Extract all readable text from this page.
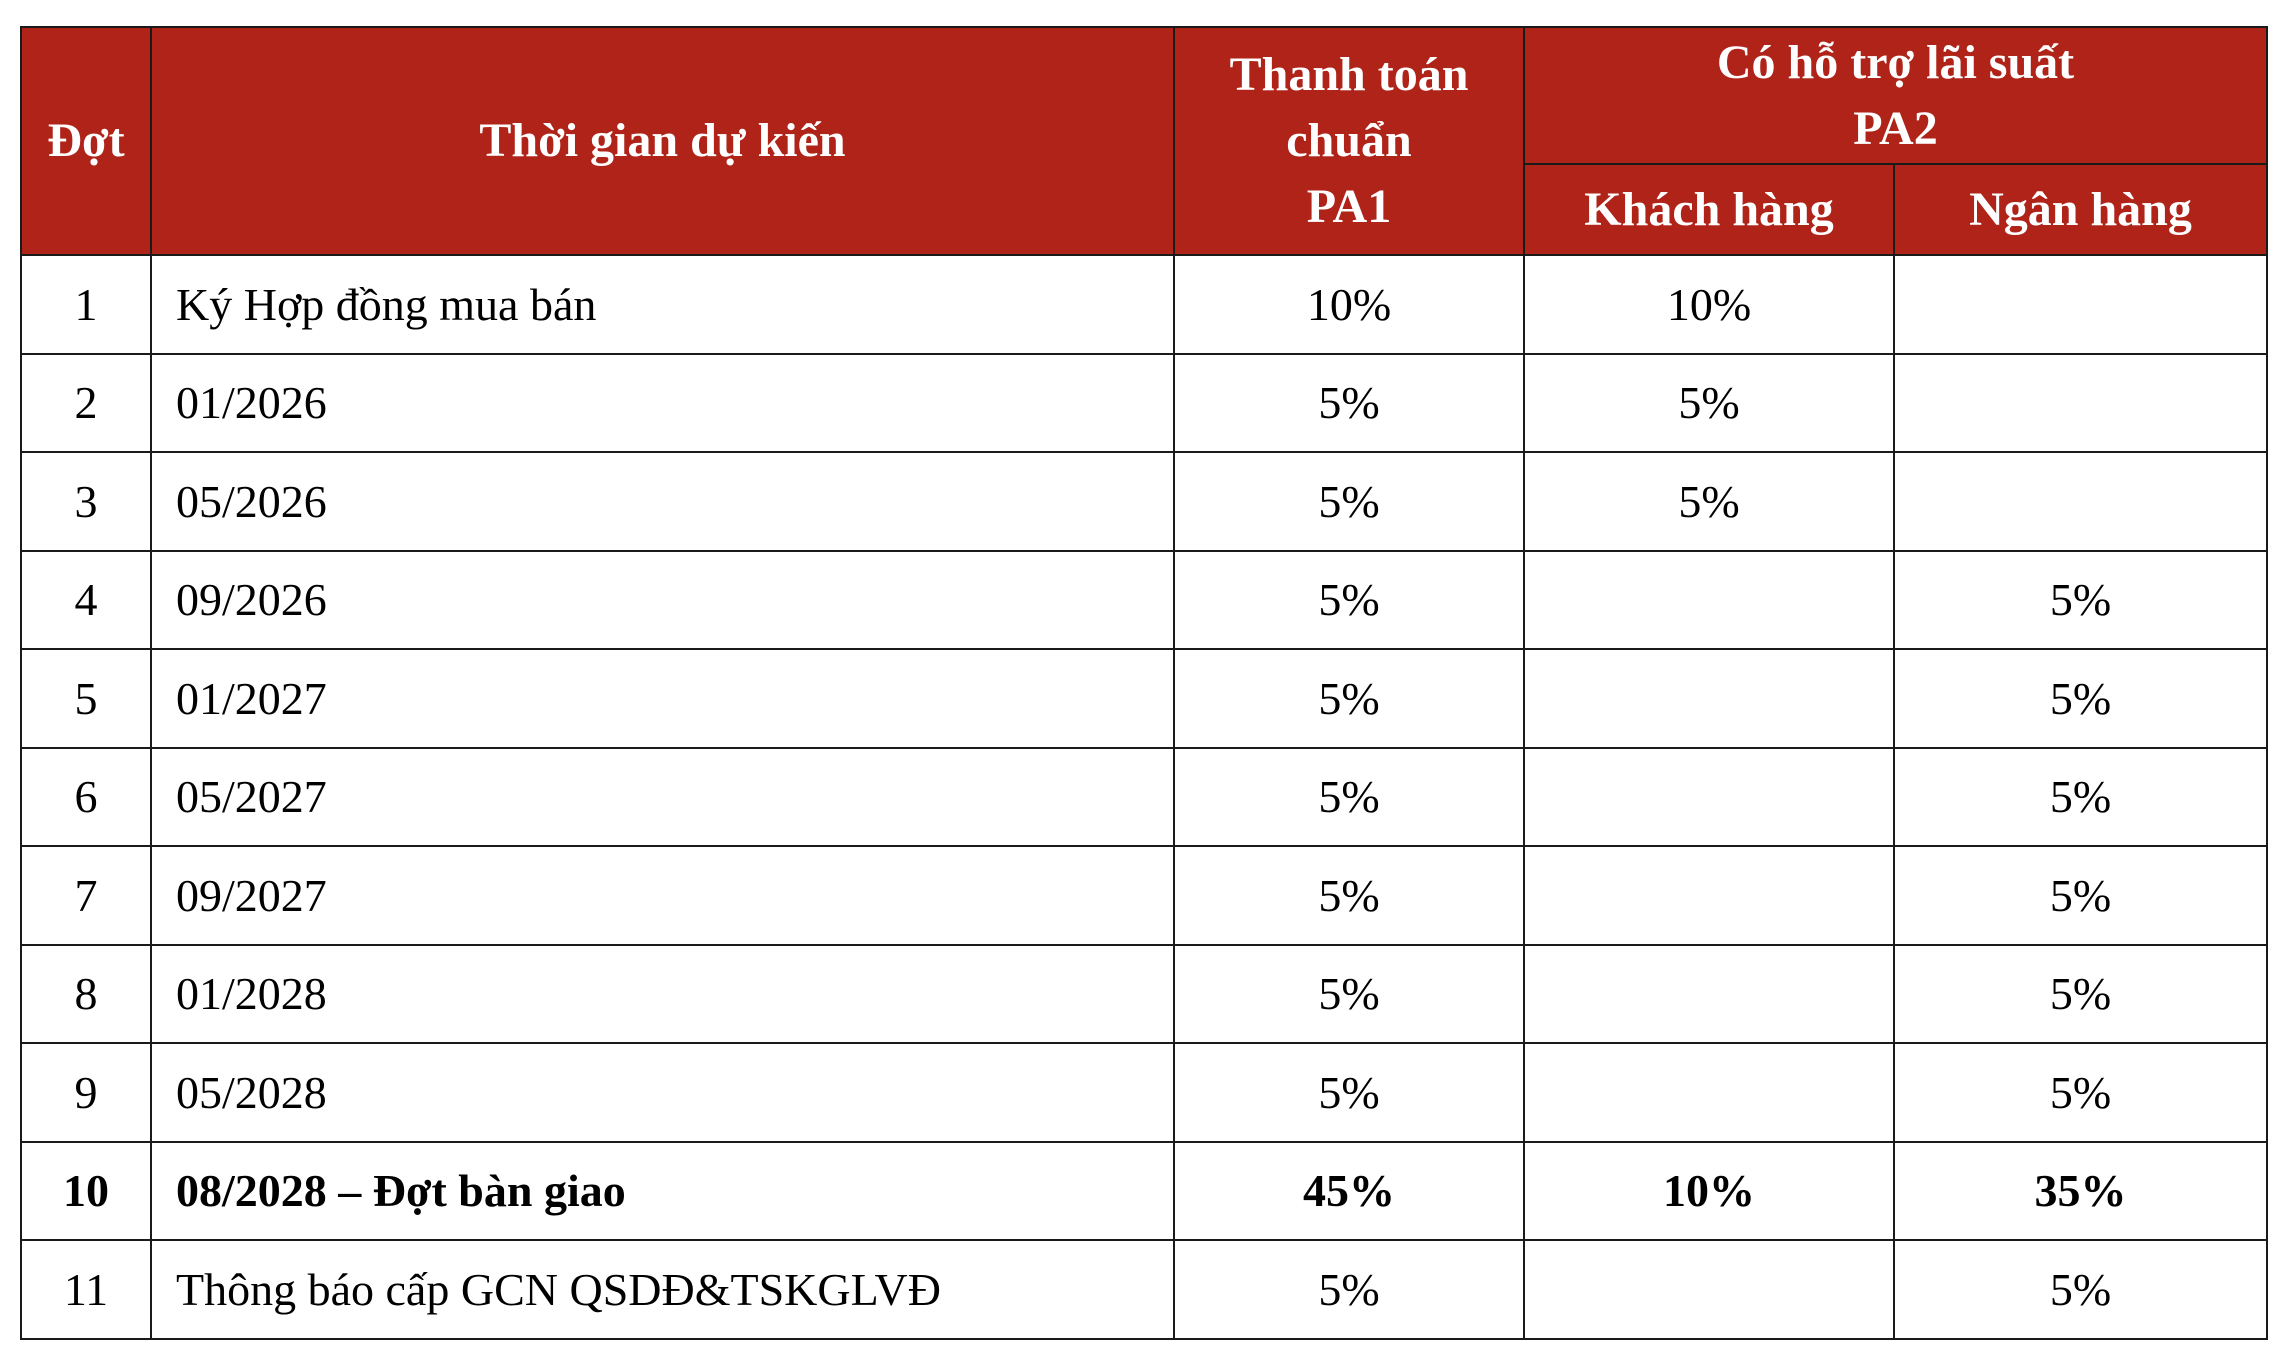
Đợt	Thời gian dự kiến	Thanh toán
chuẩn
PA1	Có hỗ trợ lãi suất
PA2	

			Khách hàng	Ngân hàng
1	Ký Hợp đồng mua bán	10%	10%	
2	01/2026	5%	5%	
3	05/2026	5%	5%	
4	09/2026	5%		5%
5	01/2027	5%		5%
6	05/2027	5%		5%
7	09/2027	5%		5%
8	01/2028	5%		5%
9	05/2028	5%		5%
10	08/2028 – Đợt bàn giao	45%	10%	35%
11	Thông báo cấp GCN QSDĐ&TSKGLVĐ	5%		5%
